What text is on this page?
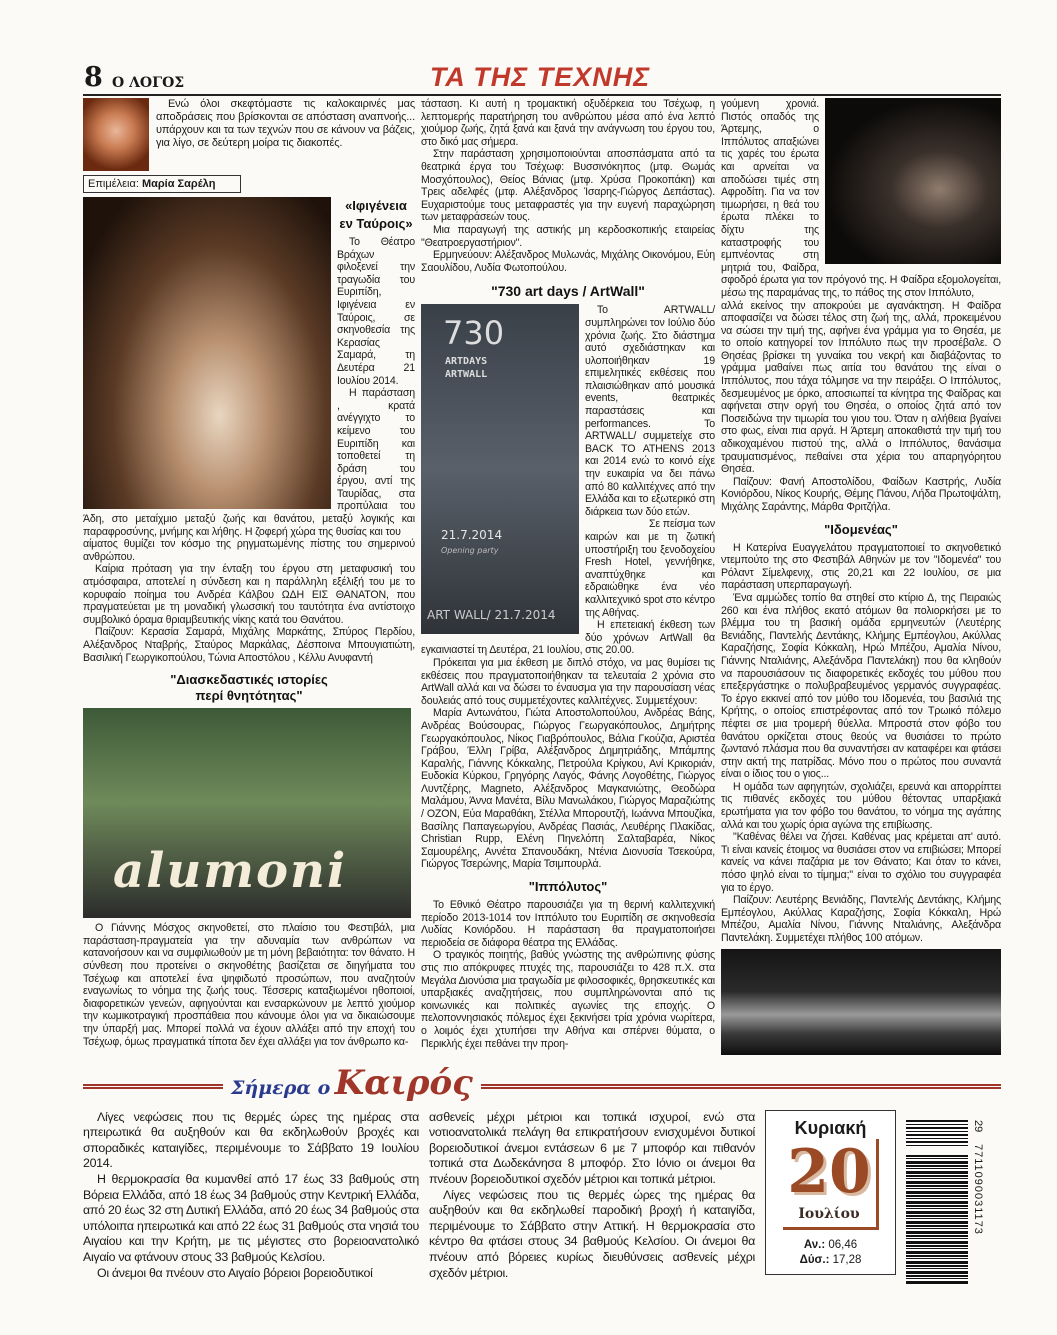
8 Ο ΛΟΓΟΣ	ΤΑ ΤΗΣ ΤΕΧΝΗΣ

Ενώ όλοι σκεφτόμαστε τις καλοκαιρινές μας αποδράσεις που βρίσκονται σε απόσταση αναπνοής... υπάρχουν και τα των τεχνών που σε κάνουν να βάζεις, για λίγο, σε δεύτερη μοίρα τις διακοπές.

Επιμέλεια: Μαρία Σαρέλη
«Ιφιγένεια
εν Ταύροις»

Το Θέατρο Βράχων φιλοξενεί την τραγωδία του Ευριπίδη, Ιφιγένεια εν Ταύροις, σε σκηνοθεσία της Κερασίας Σαμαρά, τη Δευτέρα 21 Ιουλίου 2014.

Η παράσταση , κρατά ανέγγιχτο το κείμενο του Ευριπίδη και τοποθετεί τη δράση του έργου, αντί της Ταυρίδας, στα προπύλαια του Άδη, στο μεταίχμιο μεταξύ ζωής και θανάτου, μεταξύ λογικής και παραφροσύνης, μνήμης και λήθης. Η ζοφερή χώρα της θυσίας και του

αίματος θυμίζει τον κόσμο της ρηγματωμένης πίστης του σημερινού ανθρώπου.

Καίρια πρόταση για την ένταξη του έργου στη μεταφυσική του ατμόσφαιρα, αποτελεί η σύνδεση και η παράλληλη εξέλιξή του με το κορυφαίο ποίημα του Ανδρέα Κάλβου ΩΔΗ ΕΙΣ ΘΑΝΑΤΟΝ, που πραγματεύεται με τη μοναδική γλωσσική του ταυτότητα ένα αντίστοιχο συμβολικό όραμα θριαμβευτικής νίκης κατά του Θανάτου.

Παίζουν: Κερασία Σαμαρά, Μιχάλης Μαρκάτης, Σπύρος Περδίου, Αλέξανδρος Νταβρής, Σταύρος Μαρκάλας, Δέσποινα Μπουγιατιώτη, Βασιλική Γεωργικοπούλου, Τώνια Αποστόλου , Κέλλυ Ανυφαντή

"Διασκεδαστικές ιστορίες
περί θνητότητας"
alumoni

Ο Γιάννης Μόσχος σκηνοθετεί, στο πλαίσιο του Φεστιβάλ, μια παράσταση-πραγματεία για την αδυναμία των ανθρώπων να κατανοήσουν και να συμφιλιωθούν με τη μόνη βεβαιότητα: τον θάνατο. Η σύνθεση που προτείνει ο σκηνοθέτης βασίζεται σε διηγήματα του Τσέχωφ και αποτελεί ένα ψηφιδωτό προσώπων, που αναζητούν εναγωνίως το νόημα της ζωής τους. Τέσσερις καταξιωμένοι ηθοποιοί, διαφορετικών γενεών, αφηγούνται και ενσαρκώνουν με λεπτό χιούμορ την κωμικοτραγική προσπάθεια που κάνουμε όλοι για να δικαιώσουμε την ύπαρξή μας. Μπορεί πολλά να έχουν αλλάξει από την εποχή του Τσέχωφ, όμως πραγματικά τίποτα δεν έχει αλλάξει για τον άνθρωπο κα-

τάσταση. Κι αυτή η τρομακτική οξυδέρκεια του Τσέχωφ, η λεπτομερής παρατήρηση του ανθρώπου μέσα από ένα λεπτό χιούμορ ζωής, ζητά ξανά και ξανά την ανάγνωση του έργου του, στο δικό μας σήμερα.

Στην παράσταση χρησιμοποιούνται αποσπάσματα από τα θεατρικά έργα του Τσέχωφ: Βυσσινόκηπος (μτφ. Θωμάς Μοσχόπουλος), Θείος Βάνιας (μτφ. Χρύσα Προκοπάκη) και Τρεις αδελφές (μτφ. Αλέξανδρος Ίσαρης-Γιώργος Δεπάστας). Ευχαριστούμε τους μεταφραστές για την ευγενή παραχώρηση των μεταφράσεών τους.

Μια παραγωγή της αστικής μη κερδοσκοπικής εταιρείας "Θεατροεργαστήριον".

Ερμηνεύουν: Αλέξανδρος Μυλωνάς, Μιχάλης Οικονόμου, Εύη Σαουλίδου, Λυδία Φωτοπούλου.

"730 art days / ArtWall"
730
ARTDAYS
ARTWALL
21.7.2014
Opening party
ART WALL/ 21.7.2014

Το ARTWALL/ συμπληρώνει τον Ιούλιο δύο χρόνια ζωής. Στο διάστημα αυτό σχεδιάστηκαν και υλοποιήθηκαν 19 επιμελητικές εκθέσεις που πλαισιώθηκαν από μουσικά events, θεατρικές παραστάσεις και performances. Το ARTWALL/ συμμετείχε στο BACK TO ATHENS 2013 και 2014 ενώ το κοινό είχε την ευκαιρία να δει πάνω από 80 καλλιτέχνες από την Ελλάδα και το εξωτερικό στη διάρκεια των δύο ετών.

Σε πείσμα των

καιρών και με τη ζωτική υποστήριξη του ξενοδοχείου Fresh Hotel, γεννήθηκε, αναπτύχθηκε και εδραιώθηκε ένα νέο καλλιτεχνικό spot στο κέντρο της Αθήνας.

Η επετειακή έκθεση των δύο χρόνων ArtWall θα εγκαινιαστεί τη Δευτέρα, 21 Ιουλίου, στις 20.00.

Πρόκειται για μια έκθεση με διπλό στόχο, να μας θυμίσει τις εκθέσεις που πραγματοποιήθηκαν τα τελευταία 2 χρόνια στο ArtWall αλλά και να δώσει το έναυσμα για την παρουσίαση νέας δουλειάς από τους συμμετέχοντες καλλιτέχνες. Συμμετέχουν:

Μαρία Αντωνάτου, Γιώτα Αποστολοπούλου, Ανδρέας Βάης, Ανδρέας Βούσουρας, Γιώργος Γεωργακόπουλος, Δημήτρης Γεωργακόπουλος, Νίκος Γιαβρόπουλος, Βάλια Γκούζια, Αριστέα Γράβου, Έλλη Γρίβα, Αλέξανδρος Δημητριάδης, Μπάμπης Καραλής, Γιάννης Κόκκαλης, Πετρούλα Κρίγκου, Ανί Κρικοριάν, Ευδοκία Κύρκου, Γρηγόρης Λαγός, Φάνης Λογοθέτης, Γιώργος Λυντζέρης, Magneto, Αλέξανδρος Μαγκανιώτης, Θεοδώρα Μαλάμου, Άννα Μανέτα, Βίλυ Μανωλάκου, Γιώργος Μαραζιώτης / OZON, Εύα Μαραθάκη, Στέλλα Μπορουτζή, Ιωάννα Μπουζίκα, Βασίλης Παπαγεωργίου, Ανδρέας Πασιάς, Λευθέρης Πλακίδας, Christian Rupp, Ελένη Πηνελόπη Σαλταβαρέα, Νίκος Σαμουρέλης, Αννέτα Σπανουδάκη, Ντένια Διονυσία Τσεκούρα, Γιώργος Τσερώνης, Μαρία Τσιμπουρλά.

"Ιππόλυτος"

Το Εθνικό Θέατρο παρουσιάζει για τη θερινή καλλιτεχνική περίοδο 2013-1014 τον Ιππόλυτο του Ευριπίδη σε σκηνοθεσία Λυδίας Κονιόρδου. Η παράσταση θα πραγματοποιήσει περιοδεία σε διάφορα θέατρα της Ελλάδας.

Ο τραγικός ποιητής, βαθύς γνώστης της ανθρώπινης φύσης στις πιο απόκρυφες πτυχές της, παρουσιάζει το 428 π.Χ. στα Μεγάλα Διονύσια μια τραγωδία με φιλοσοφικές, θρησκευτικές και υπαρξιακές αναζητήσεις, που συμπληρώνονται από τις κοινωνικές και πολιτικές αγωνίες της εποχής. Ο πελοποννησιακός πόλεμος έχει ξεκινήσει τρία χρόνια νωρίτερα, ο λοιμός έχει χτυπήσει την Αθήνα και σπέρνει θύματα, ο Περικλής έχει πεθάνει την προη-

γούμενη χρονιά. Πιστός οπαδός της Άρτεμης, ο Ιππόλυτος απαξιώνει τις χαρές του έρωτα και αρνείται να αποδώσει τιμές στη Αφροδίτη. Για να τον τιμωρήσει, η θεά του έρωτα πλέκει το δίχτυ της καταστροφής του εμπνέοντας στη μητριά του, Φαίδρα, σφοδρό έρωτα για τον πρόγονό της. Η Φαίδρα εξομολογείται, μέσω της παραμάνας της, το πάθος της στον Ιππόλυτο,

αλλά εκείνος την αποκρούει με αγανάκτηση. Η Φαίδρα αποφασίζει να δώσει τέλος στη ζωή της, αλλά, προκειμένου να σώσει την τιμή της, αφήνει ένα γράμμα για το Θησέα, με το οποίο κατηγορεί τον Ιππόλυτο πως την προσέβαλε. Ο Θησέας βρίσκει τη γυναίκα του νεκρή και διαβάζοντας το γράμμα μαθαίνει πως αιτία του θανάτου της είναι ο Ιππόλυτος, που τάχα τόλμησε να την πειράξει. Ο Ιππόλυτος, δεσμευμένος με όρκο, αποσιωπεί τα κίνητρα της Φαίδρας και αφήνεται στην οργή του Θησέα, ο οποίος ζητά από τον Ποσειδώνα την τιμωρία του γιου του. Όταν η αλήθεια βγαίνει στο φως, είναι πια αργά. Η Άρτεμη αποκαθιστά την τιμή του αδικοχαμένου πιστού της, αλλά ο Ιππόλυτος, θανάσιμα τραυματισμένος, πεθαίνει στα χέρια του απαρηγόρητου Θησέα.

Παίζουν: Φανή Αποστολίδου, Φαίδων Καστρής, Λυδία Κονιόρδου, Νίκος Κουρής, Θέμης Πάνου, Λήδα Πρωτοψάλτη, Μιχάλης Σαράντης, Μάρθα Φριτζήλα.

"Ιδομενέας"

Η Κατερίνα Ευαγγελάτου πραγματοποιεί το σκηνοθετικό ντεμπούτο της στο Φεστιβάλ Αθηνών με τον "Ιδομενέα" του Ρόλαντ Σίμελφενιχ, στις 20,21 και 22 Ιουλίου, σε μια παράσταση υπερπαραγωγή.

Ένα αμμώδες τοπίο θα στηθεί στο κτίριο Δ, της Πειραιώς 260 και ένα πλήθος εκατό ατόμων θα πολιορκήσει με το βλέμμα του τη βασική ομάδα ερμηνευτών (Λευτέρης Βενιάδης, Παντελής Δεντάκης, Κλήμης Εμπέογλου, Ακύλλας Καραζήσης, Σοφία Κόκκαλη, Ηρώ Μπέζου, Αμαλία Νίνου, Γιάννης Νταλιάνης, Αλεξάνδρα Παντελάκη) που θα κληθούν να παρουσιάσουν τις διαφορετικές εκδοχές του μύθου που επεξεργάστηκε ο πολυβραβευμένος γερμανός συγγραφέας. Το έργο εκκινεί από τον μύθο του Ιδομενέα, του βασιλιά της Κρήτης, ο οποίος επιστρέφοντας από τον Τρωικό πόλεμο πέφτει σε μια τρομερή θύελλα. Μπροστά στον φόβο του θανάτου ορκίζεται στους θεούς να θυσιάσει το πρώτο ζωντανό πλάσμα που θα συναντήσει αν καταφέρει και φτάσει στην ακτή της πατρίδας. Μόνο που ο πρώτος που συναντά είναι ο ίδιος του ο γιος...

Η ομάδα των αφηγητών, σχολιάζει, ερευνά και απορρίπτει τις πιθανές εκδοχές του μύθου θέτοντας υπαρξιακά ερωτήματα για τον φόβο του θανάτου, το νόημα της αγάπης αλλά και του χωρίς όρια αγώνα της επιβίωσης.

"Καθένας θέλει να ζήσει. Καθένας μας κρέμεται απ' αυτό. Τι είναι κανείς έτοιμος να θυσιάσει στον να επιβιώσει; Μπορεί κανείς να κάνει παζάρια με τον Θάνατο; Και όταν το κάνει, πόσο ψηλό είναι το τίμημα;" είναι το σχόλιο του συγγραφέα για το έργο.

Παίζουν: Λευτέρης Βενιάδης, Παντελής Δεντάκης, Κλήμης Εμπέογλου, Ακύλλας Καραζήσης, Σοφία Κόκκαλη, Ηρώ Μπέζου, Αμαλία Νίνου, Γιάννης Νταλιάνης, Αλεξάνδρα Παντελάκη. Συμμετέχει πλήθος 100 ατόμων.

Σήμερα ο Καιρός

Λίγες νεφώσεις που τις θερμές ώρες της ημέρας στα ηπειρωτικά θα αυξηθούν και θα εκδηλωθούν βροχές και σποραδικές καταιγίδες, περιμένουμε το Σάββατο 19 Ιουλίου 2014.

Η θερμοκρασία θα κυμανθεί από 17 έως 33 βαθμούς στη Βόρεια Ελλάδα, από 18 έως 34 βαθμούς στην Κεντρική Ελλάδα, από 20 έως 32 στη Δυτική Ελλάδα, από 20 έως 34 βαθμούς στα υπόλοιπα ηπειρωτικά και από 22 έως 31 βαθμούς στα νησιά του Αιγαίου και την Κρήτη, με τις μέγιστες στο βορειοανατολικό Αιγαίο να φτάνουν στους 33 βαθμούς Κελσίου.

Οι άνεμοι θα πνέουν στο Αιγαίο βόρειοι βορειοδυτικοί

ασθενείς μέχρι μέτριοι και τοπικά ισχυροί, ενώ στα νοτιοανατολικά πελάγη θα επικρατήσουν ενισχυμένοι δυτικοί βορειοδυτικοί άνεμοι εντάσεων 6 με 7 μποφόρ και πιθανόν τοπικά στα Δωδεκάνησα 8 μποφόρ. Στο Ιόνιο οι άνεμοι θα πνέουν βορειοδυτικοί σχεδόν μέτριοι και τοπικά μέτριοι.

Λίγες νεφώσεις που τις θερμές ώρες της ημέρας θα αυξηθούν και θα εκδηλωθεί παροδική βροχή ή καταιγίδα, περιμένουμε το Σάββατο στην Αττική. Η θερμοκρασία στο κέντρο θα φτάσει στους 34 βαθμούς Κελσίου. Οι άνεμοι θα πνέουν από βόρειες κυρίως διευθύνσεις ασθενείς μέχρι σχεδόν μέτριοι.

Κυριακή
20
Ιουλίου
Αν.: 06,46
Δύσ.: 17,28
29
7711090031173
